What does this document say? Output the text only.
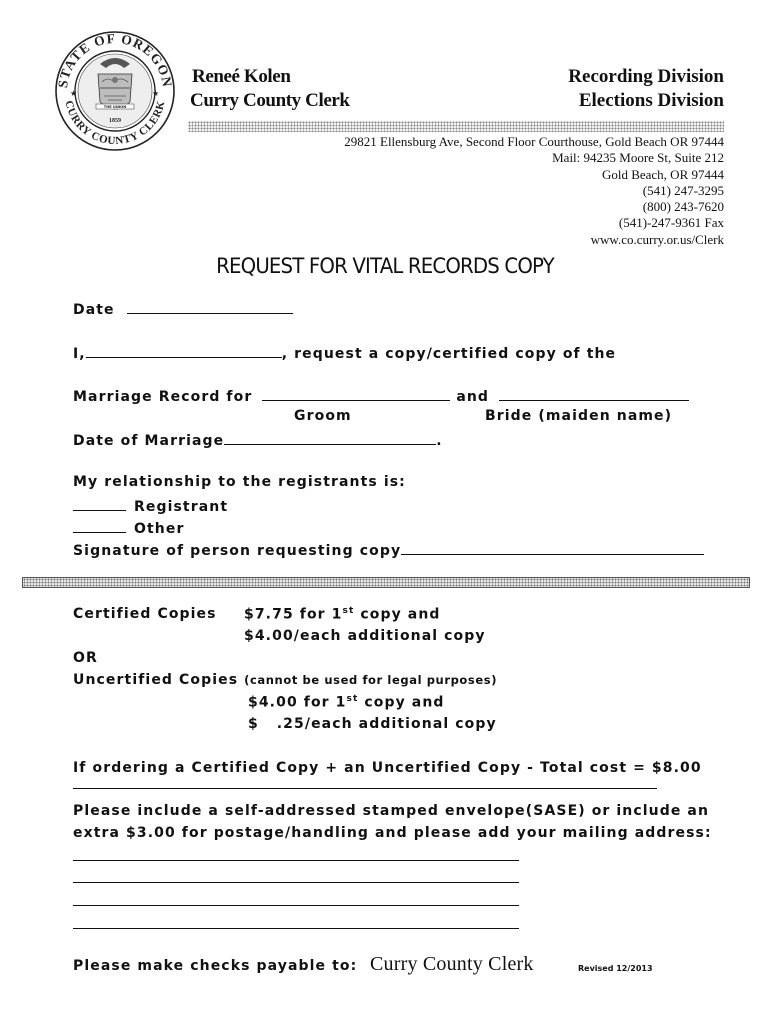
STATE OF OREGON
CURRY COUNTY CLERK
THE UNION
1859
★	★
Reneé Kolen
Curry County Clerk
Recording Division
Elections Division
29821 Ellensburg Ave, Second Floor Courthouse, Gold Beach OR 97444
Mail: 94235 Moore St, Suite 212
Gold Beach, OR 97444
(541) 247-3295
(800) 243-7620
(541)-247-9361 Fax
www.co.curry.or.us/Clerk
REQUEST FOR VITAL RECORDS COPY
Date
I,	, request a copy/certified copy of the
Marriage Record for	and
Groom	Bride (maiden name)
Date of Marriage	.
My relationship to the registrants is:
Registrant
Other
Signature of person requesting copy
Certified Copies $7.75 for 1st copy and
$4.00/each additional copy
OR
Uncertified Copies (cannot be used for legal purposes)
$4.00 for 1st copy and
$   .25/each additional copy
If ordering a Certified Copy + an Uncertified Copy - Total cost = $8.00
Please include a self-addressed stamped envelope(SASE) or include an
extra $3.00 for postage/handling and please add your mailing address:
Please make checks payable to: Curry County Clerk	Revised 12/2013
